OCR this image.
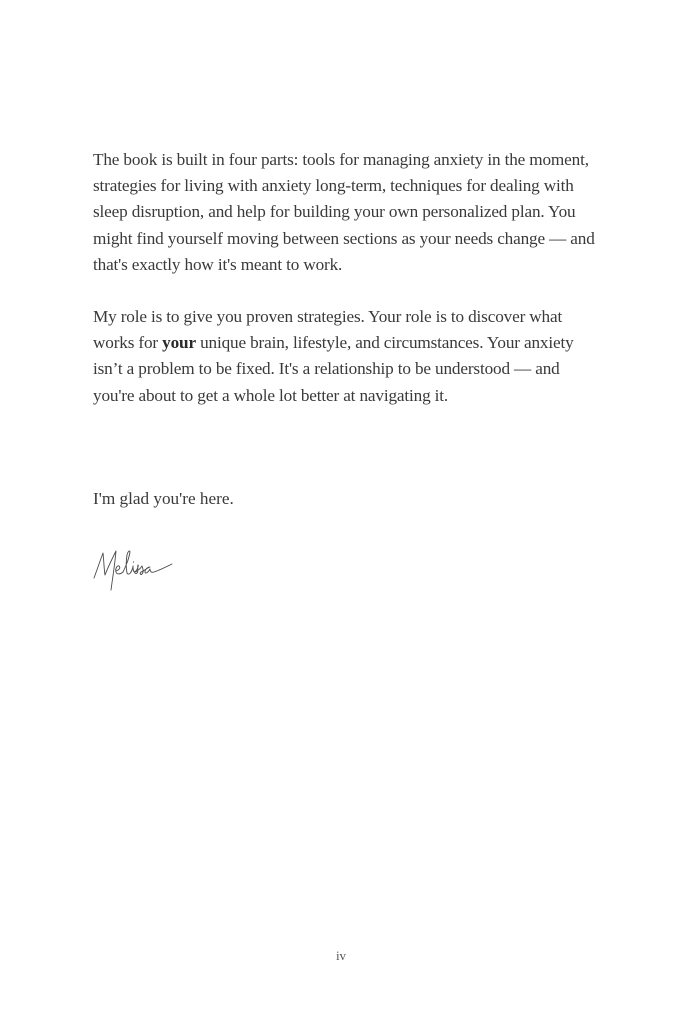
The book is built in four parts: tools for managing anxiety in the moment, strategies for living with anxiety long-term, techniques for dealing with sleep disruption, and help for building your own personalized plan. You might find yourself moving between sections as your needs change — and that's exactly how it's meant to work.

My role is to give you proven strategies. Your role is to discover what works for your unique brain, lifestyle, and circumstances. Your anxiety isn’t a problem to be fixed. It's a relationship to be understood — and you're about to get a whole lot better at navigating it.

I'm glad you're here.

iv
